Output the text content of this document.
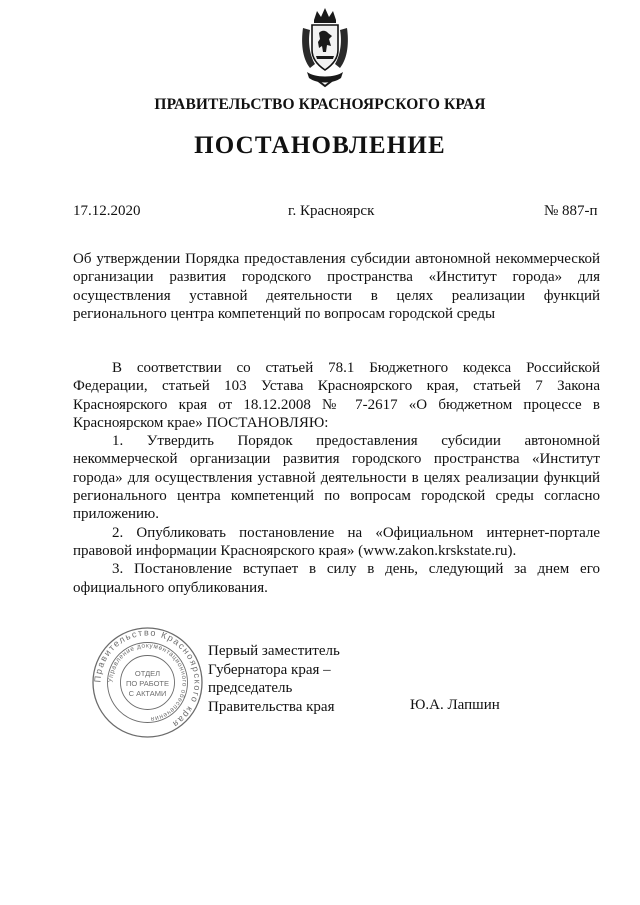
ПРАВИТЕЛЬСТВО КРАСНОЯРСКОГО КРАЯ
ПОСТАНОВЛЕНИЕ
17.12.2020	г. Красноярск	№ 887-п
Об утверждении Порядка предоставления субсидии автономной некоммерческой организации развития городского пространства «Институт города» для осуществления уставной деятельности в целях реализации функций регионального центра компетенций по вопросам городской среды

В соответствии со статьей 78.1 Бюджетного кодекса Российской Федерации, статьей 103 Устава Красноярского края, статьей 7 Закона Красноярского края от 18.12.2008 № 7-2617 «О бюджетном процессе в Красноярском крае» ПОСТАНОВЛЯЮ:

1. Утвердить Порядок предоставления субсидии автономной некоммерческой организации развития городского пространства «Институт города» для осуществления уставной деятельности в целях реализации функций регионального центра компетенций по вопросам городской среды согласно приложению.

2. Опубликовать постановление на «Официальном интернет-портале правовой информации Красноярского края» (www.zakon.krskstate.ru).

3. Постановление вступает в силу в день, следующий за днем его официального опубликования.

Первый заместитель
Губернатора края –
председатель
Правительства края	Ю.А. Лапшин
Правительство Красноярского края
Управление документационного обеспечения
ОТДЕЛ
ПО РАБОТЕ
С АКТАМИ
